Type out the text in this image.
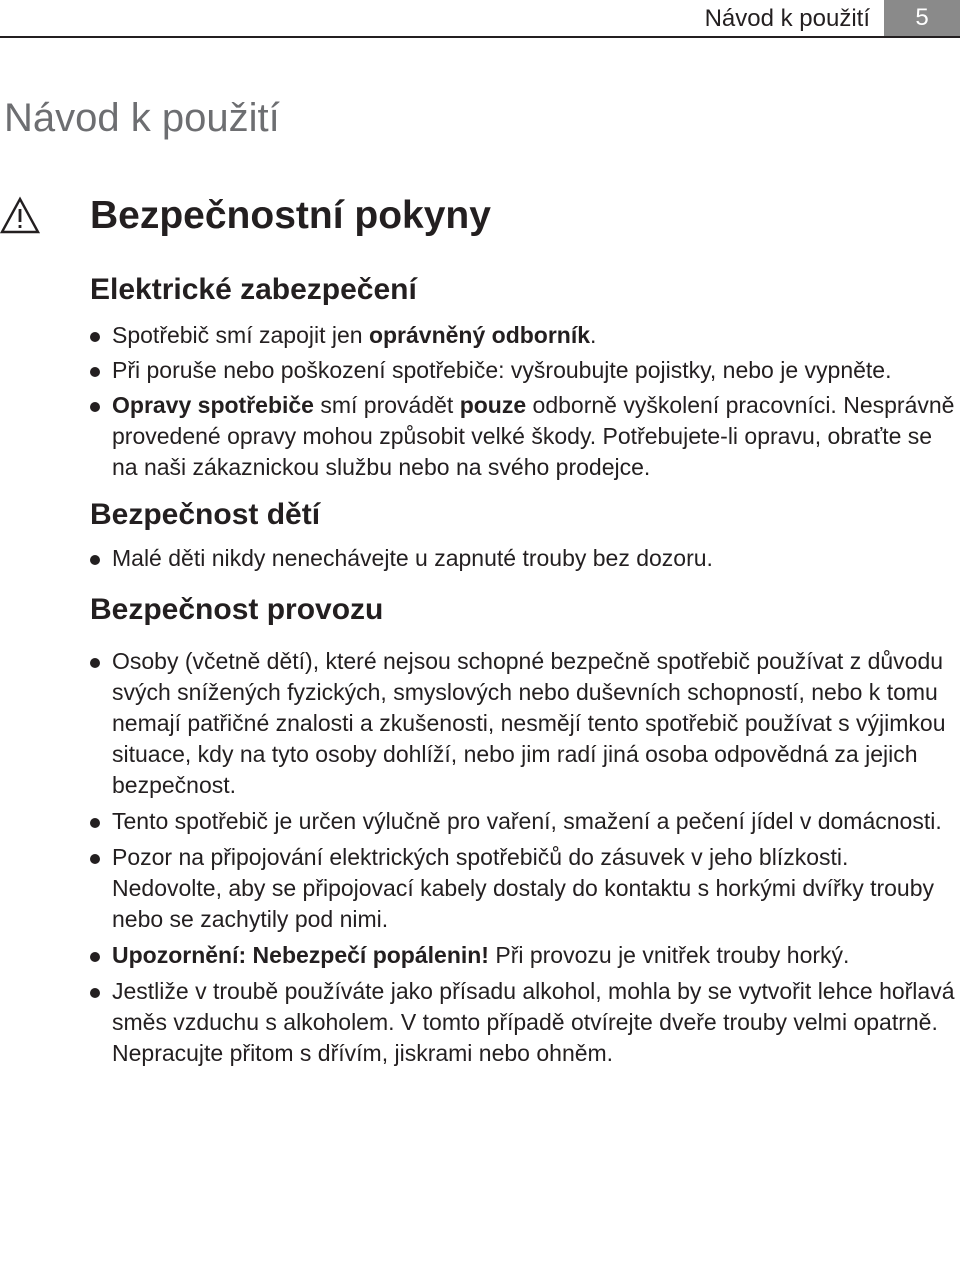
Návod k použití	5
Návod k použití
Bezpečnostní pokyny
Elektrické zabezpečení
Spotřebič smí zapojit jen oprávněný odborník.
Při poruše nebo poškození spotřebiče: vyšroubujte pojistky, nebo je vypněte.
Opravy spotřebiče smí provádět pouze odborně vyškolení pracovníci. Nesprávně provedené opravy mohou způsobit velké škody. Potřebujete-li opravu, obraťte se na naši zákaznickou službu nebo na svého prodejce.
Bezpečnost dětí
Malé děti nikdy nenechávejte u zapnuté trouby bez dozoru.
Bezpečnost provozu
Osoby (včetně dětí), které nejsou schopné bezpečně spotřebič používat z důvodu svých snížených fyzických, smyslových nebo duševních schopností, nebo k tomu nemají patřičné znalosti a zkušenosti, nesmějí tento spotřebič používat s výjimkou situace, kdy na tyto osoby dohlíží, nebo jim radí jiná osoba odpovědná za jejich bezpečnost.
Tento spotřebič je určen výlučně pro vaření, smažení a pečení jídel v domácnosti.
Pozor na připojování elektrických spotřebičů do zásuvek v jeho blízkosti. Nedovolte, aby se připojovací kabely dostaly do kontaktu s horkými dvířky trouby nebo se zachytily pod nimi.
Upozornění: Nebezpečí popálenin! Při provozu je vnitřek trouby horký.
Jestliže v troubě používáte jako přísadu alkohol, mohla by se vytvořit lehce hořlavá směs vzduchu s alkoholem. V tomto případě otvírejte dveře trouby velmi opatrně. Nepracujte přitom s dřívím, jiskrami nebo ohněm.
